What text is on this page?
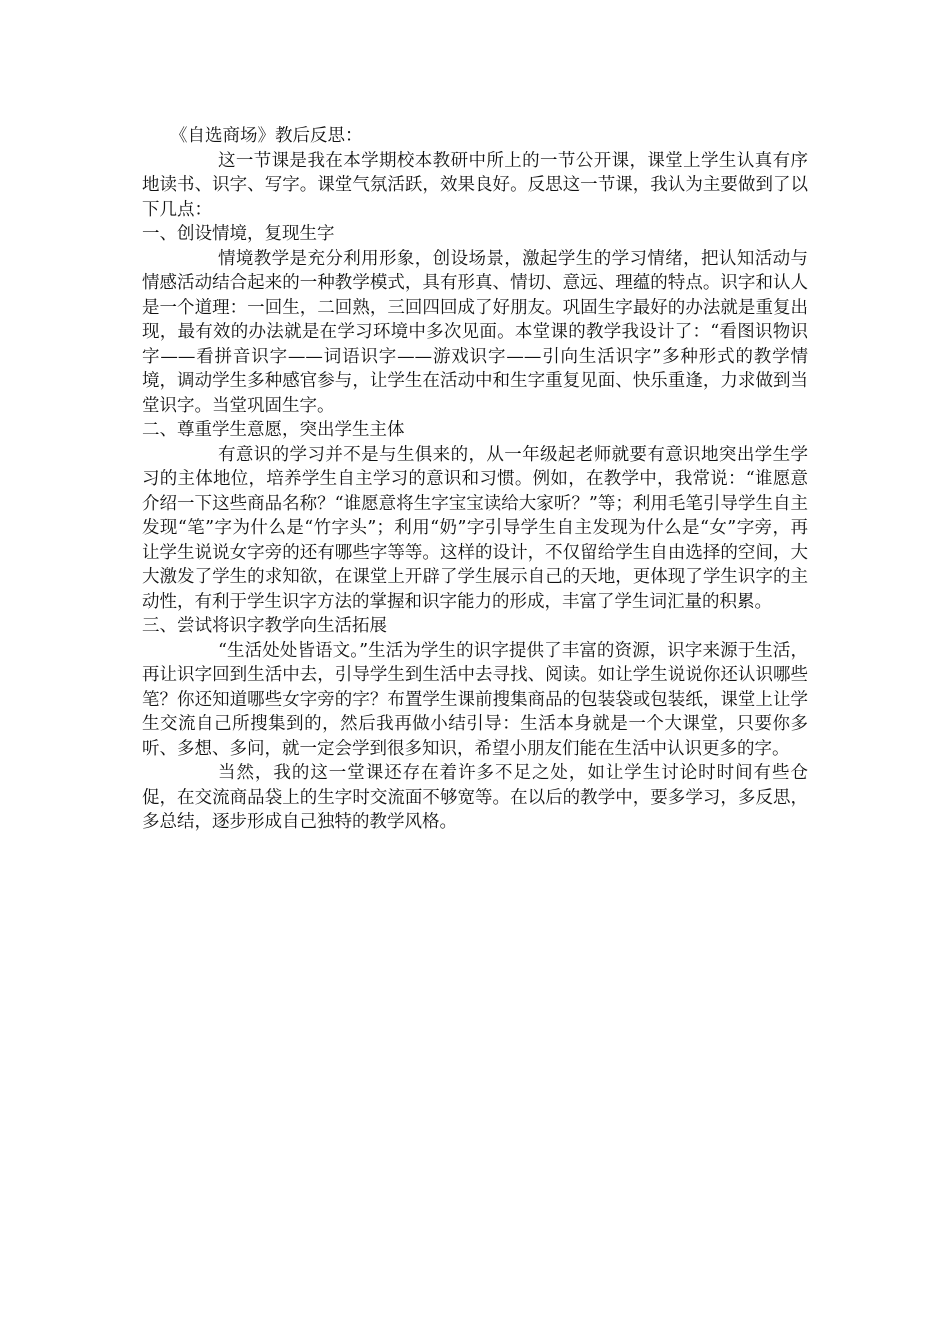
《自选商场》教后反思：

这一节课是我在本学期校本教研中所上的一节公开课，课堂上学生认真有序地读书、识字、写字。课堂气氛活跃，效果良好。反思这一节课，我认为主要做到了以下几点：

一、创设情境，复现生字

情境教学是充分利用形象，创设场景，激起学生的学习情绪，把认知活动与情感活动结合起来的一种教学模式，具有形真、情切、意远、理蕴的特点。识字和认人是一个道理：一回生，二回熟，三回四回成了好朋友。巩固生字最好的办法就是重复出现，最有效的办法就是在学习环境中多次见面。本堂课的教学我设计了：“看图识物识字——看拼音识字——词语识字——游戏识字——引向生活识字”多种形式的教学情境，调动学生多种感官参与，让学生在活动中和生字重复见面、快乐重逢，力求做到当堂识字。当堂巩固生字。

二、尊重学生意愿，突出学生主体

有意识的学习并不是与生俱来的，从一年级起老师就要有意识地突出学生学习的主体地位，培养学生自主学习的意识和习惯。例如，在教学中，我常说：“谁愿意介绍一下这些商品名称？“谁愿意将生字宝宝读给大家听？”等；利用毛笔引导学生自主发现“笔”字为什么是“竹字头”；利用“奶”字引导学生自主发现为什么是“女”字旁，再让学生说说女字旁的还有哪些字等等。这样的设计，不仅留给学生自由选择的空间，大大激发了学生的求知欲，在课堂上开辟了学生展示自己的天地，更体现了学生识字的主动性，有利于学生识字方法的掌握和识字能力的形成，丰富了学生词汇量的积累。

三、尝试将识字教学向生活拓展

“生活处处皆语文。”生活为学生的识字提供了丰富的资源，识字来源于生活，再让识字回到生活中去，引导学生到生活中去寻找、阅读。如让学生说说你还认识哪些笔？你还知道哪些女字旁的字？布置学生课前搜集商品的包装袋或包装纸，课堂上让学生交流自己所搜集到的，然后我再做小结引导：生活本身就是一个大课堂，只要你多听、多想、多问，就一定会学到很多知识，希望小朋友们能在生活中认识更多的字。

当然，我的这一堂课还存在着许多不足之处，如让学生讨论时时间有些仓促，在交流商品袋上的生字时交流面不够宽等。在以后的教学中，要多学习，多反思，多总结，逐步形成自己独特的教学风格。
